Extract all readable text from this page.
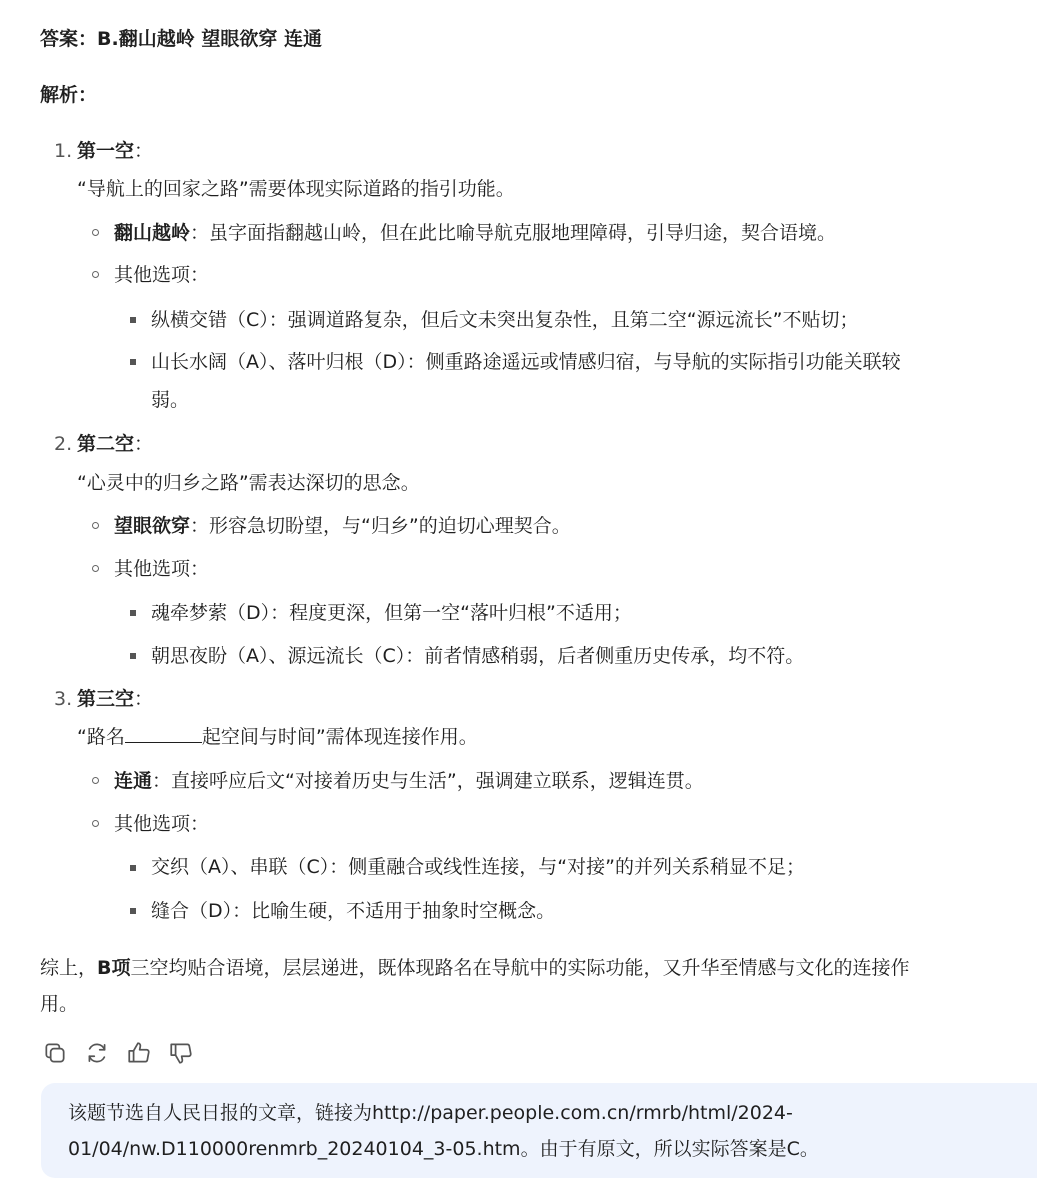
答案：B.翻山越岭 望眼欲穿 连通
解析：
1. 第一空：
“导航上的回家之路”需要体现实际道路的指引功能。
翻山越岭：虽字面指翻越山岭，但在此比喻导航克服地理障碍，引导归途，契合语境。
其他选项：
纵横交错（C）：强调道路复杂，但后文未突出复杂性，且第二空“源远流长”不贴切；
山长水阔（A）、落叶归根（D）：侧重路途遥远或情感归宿，与导航的实际指引功能关联较
弱。
2. 第二空：
“心灵中的归乡之路”需表达深切的思念。
望眼欲穿：形容急切盼望，与“归乡”的迫切心理契合。
其他选项：
魂牵梦萦（D）：程度更深，但第一空“落叶归根”不适用；
朝思夜盼（A）、源远流长（C）：前者情感稍弱，后者侧重历史传承，均不符。
3. 第三空：
“路名	起空间与时间”需体现连接作用。
连通：直接呼应后文“对接着历史与生活”，强调建立联系，逻辑连贯。
其他选项：
交织（A）、串联（C）：侧重融合或线性连接，与“对接”的并列关系稍显不足；
缝合（D）：比喻生硬，不适用于抽象时空概念。
综上，B项三空均贴合语境，层层递进，既体现路名在导航中的实际功能，又升华至情感与文化的连接作
用。
该题节选自人民日报的文章，链接为http://paper.people.com.cn/rmrb/html/2024-
01/04/nw.D110000renmrb_20240104_3-05.htm。由于有原文，所以实际答案是C。
